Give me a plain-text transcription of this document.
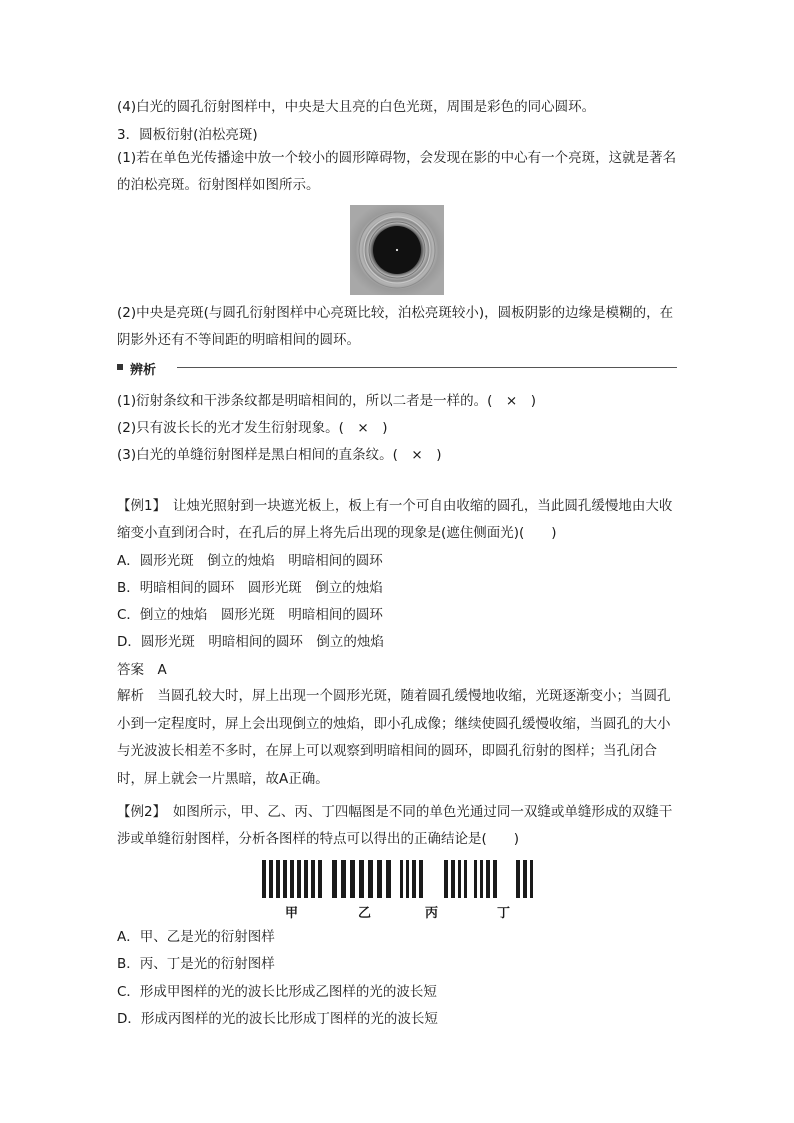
(4)白光的圆孔衍射图样中，中央是大且亮的白色光斑，周围是彩色的同心圆环。
3．圆板衍射(泊松亮斑)
(1)若在单色光传播途中放一个较小的圆形障碍物，会发现在影的中心有一个亮斑，这就是著名的泊松亮斑。衍射图样如图所示。
(2)中央是亮斑(与圆孔衍射图样中心亮斑比较，泊松亮斑较小)，圆板阴影的边缘是模糊的，在阴影外还有不等间距的明暗相间的圆环。
辨析
(1)衍射条纹和干涉条纹都是明暗相间的，所以二者是一样的。(　×　)
(2)只有波长长的光才发生衍射现象。(　×　)
(3)白光的单缝衍射图样是黑白相间的直条纹。(　×　)
【例1】　让烛光照射到一块遮光板上，板上有一个可自由收缩的圆孔，当此圆孔缓慢地由大收缩变小直到闭合时，在孔后的屏上将先后出现的现象是(遮住侧面光)(　　)
A．圆形光斑　倒立的烛焰　明暗相间的圆环
B．明暗相间的圆环　圆形光斑　倒立的烛焰
C．倒立的烛焰　圆形光斑　明暗相间的圆环
D．圆形光斑　明暗相间的圆环　倒立的烛焰
答案　A
解析　当圆孔较大时，屏上出现一个圆形光斑，随着圆孔缓慢地收缩，光斑逐渐变小；当圆孔小到一定程度时，屏上会出现倒立的烛焰，即小孔成像；继续使圆孔缓慢收缩，当圆孔的大小与光波波长相差不多时，在屏上可以观察到明暗相间的圆环，即圆孔衍射的图样；当孔闭合时，屏上就会一片黑暗，故A正确。
【例2】　如图所示，甲、乙、丙、丁四幅图是不同的单色光通过同一双缝或单缝形成的双缝干涉或单缝衍射图样，分析各图样的特点可以得出的正确结论是(　　)
甲	乙	丙	丁
A．甲、乙是光的衍射图样
B．丙、丁是光的衍射图样
C．形成甲图样的光的波长比形成乙图样的光的波长短
D．形成丙图样的光的波长比形成丁图样的光的波长短
